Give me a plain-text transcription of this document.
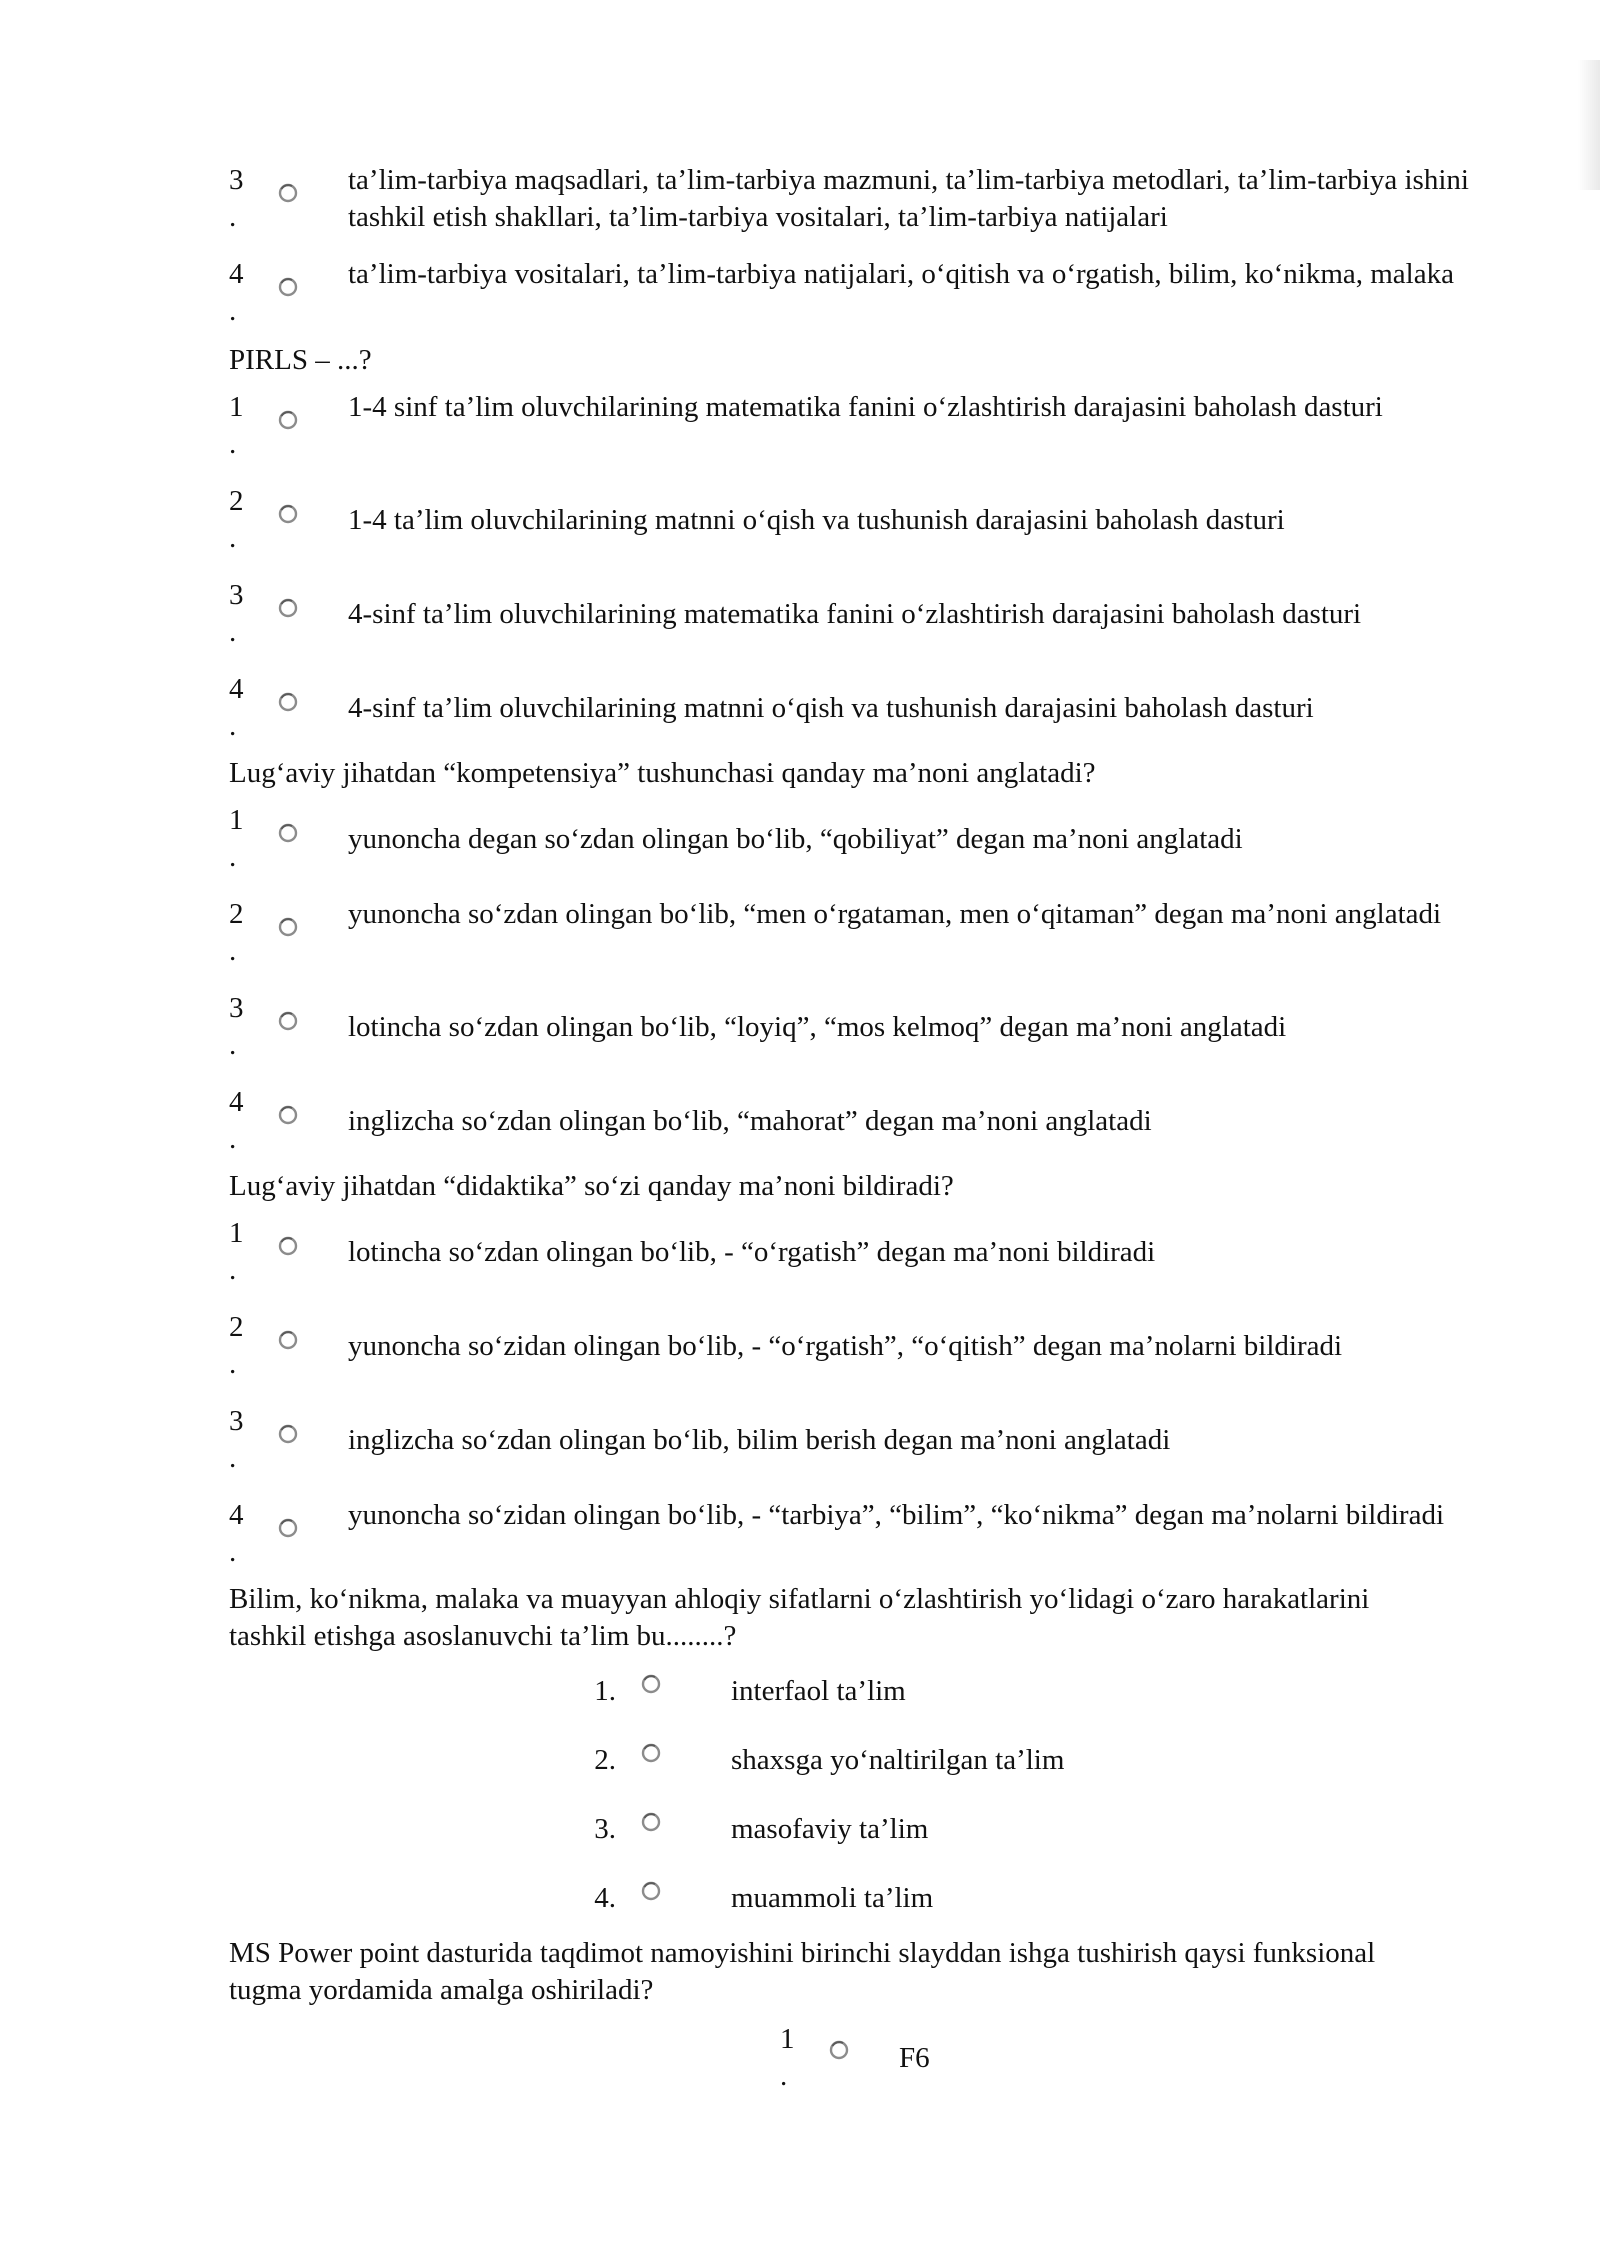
3
.
ta’lim-tarbiya maqsadlari, ta’lim-tarbiya mazmuni, ta’lim-tarbiya metodlari, ta’lim-tarbiya ishini tashkil etish shakllari, ta’lim-tarbiya vositalari, ta’lim-tarbiya natijalari
4
.
ta’lim-tarbiya vositalari, ta’lim-tarbiya natijalari, o‘qitish va o‘rgatish, bilim, ko‘nikma, malaka
PIRLS – ...?
1
.
1-4 sinf ta’lim oluvchilarining matematika fanini o‘zlashtirish darajasini baholash dasturi
2
.
1-4 ta’lim oluvchilarining matnni o‘qish va tushunish darajasini baholash dasturi
3
.
4-sinf ta’lim oluvchilarining matematika fanini o‘zlashtirish darajasini baholash dasturi
4
.
4-sinf ta’lim oluvchilarining matnni o‘qish va tushunish darajasini baholash dasturi
Lug‘aviy jihatdan “kompetensiya” tushunchasi qanday ma’noni anglatadi?
1
.
yunoncha degan so‘zdan olingan bo‘lib, “qobiliyat” degan ma’noni anglatadi
2
.
yunoncha so‘zdan olingan bo‘lib, “men o‘rgataman, men o‘qitaman” degan ma’noni anglatadi
3
.
lotincha so‘zdan olingan bo‘lib, “loyiq”, “mos kelmoq” degan ma’noni anglatadi
4
.
inglizcha so‘zdan olingan bo‘lib, “mahorat” degan ma’noni anglatadi
Lug‘aviy jihatdan “didaktika” so‘zi qanday ma’noni bildiradi?
1
.
lotincha so‘zdan olingan bo‘lib, - “o‘rgatish” degan ma’noni bildiradi
2
.
yunoncha so‘zidan olingan bo‘lib, - “o‘rgatish”, “o‘qitish” degan ma’nolarni bildiradi
3
.
inglizcha so‘zdan olingan bo‘lib, bilim berish degan ma’noni anglatadi
4
.
yunoncha so‘zidan olingan bo‘lib, - “tarbiya”, “bilim”, “ko‘nikma” degan ma’nolarni bildiradi
Bilim, ko‘nikma, malaka va muayyan ahloqiy sifatlarni o‘zlashtirish yo‘lidagi o‘zaro harakatlarini tashkil etishga asoslanuvchi ta’lim bu........?
1.	interfaol ta’lim
2.	shaxsga yo‘naltirilgan ta’lim
3.	masofaviy ta’lim
4.	muammoli ta’lim
MS Power point dasturida taqdimot namoyishini birinchi slayddan ishga tushirish qaysi funksional tugma yordamida amalga oshiriladi?
1
.
F6
